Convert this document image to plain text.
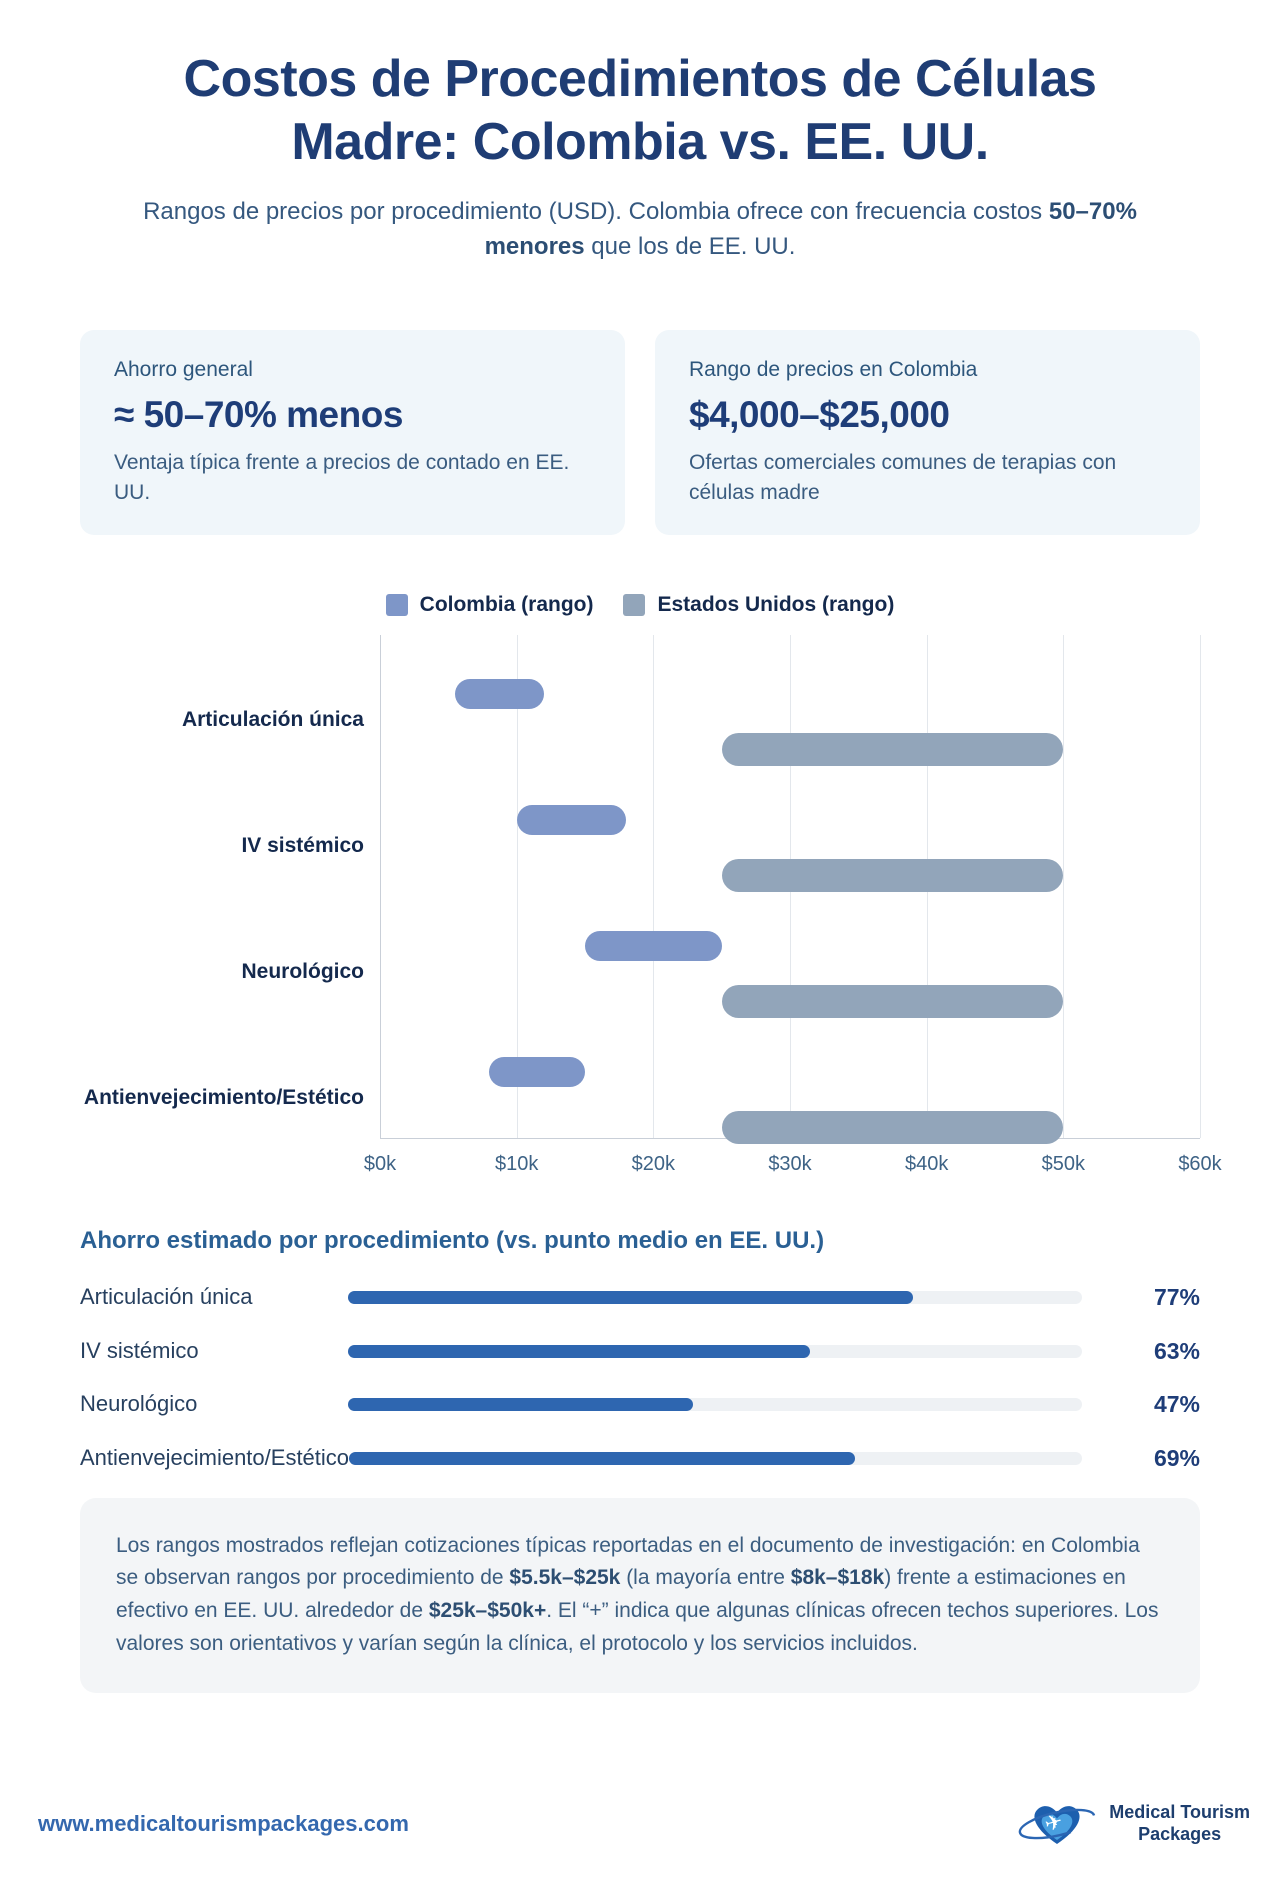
Costos de Procedimientos de Células
Madre: Colombia vs. EE. UU.

Rangos de precios por procedimiento (USD). Colombia ofrece con frecuencia costos 50–70% menores que los de EE. UU.

Ahorro general
≈ 50–70% menos
Ventaja típica frente a precios de contado en EE. UU.
Rango de precios en Colombia
$4,000–$25,000
Ofertas comerciales comunes de terapias con células madre
Colombia (rango)	Estados Unidos (rango)
Articulación única
IV sistémico
Neurológico
Antienvejecimiento/Estético
$0k	$10k	$20k	$30k	$40k	$50k	$60k
Ahorro estimado por procedimiento (vs. punto medio en EE. UU.)
Articulación única	77%
IV sistémico	63%
Neurológico	47%
Antienvejecimiento/Estético	69%

Los rangos mostrados reflejan cotizaciones típicas reportadas en el documento de investigación: en Colombia se observan rangos por procedimiento de $5.5k–$25k (la mayoría entre $8k–$18k) frente a estimaciones en efectivo en EE. UU. alrededor de $25k–$50k+. El “+” indica que algunas clínicas ofrecen techos superiores. Los valores son orientativos y varían según la clínica, el protocolo y los servicios incluidos.

www.medicaltourismpackages.com	✈ Medical Tourism
Packages
